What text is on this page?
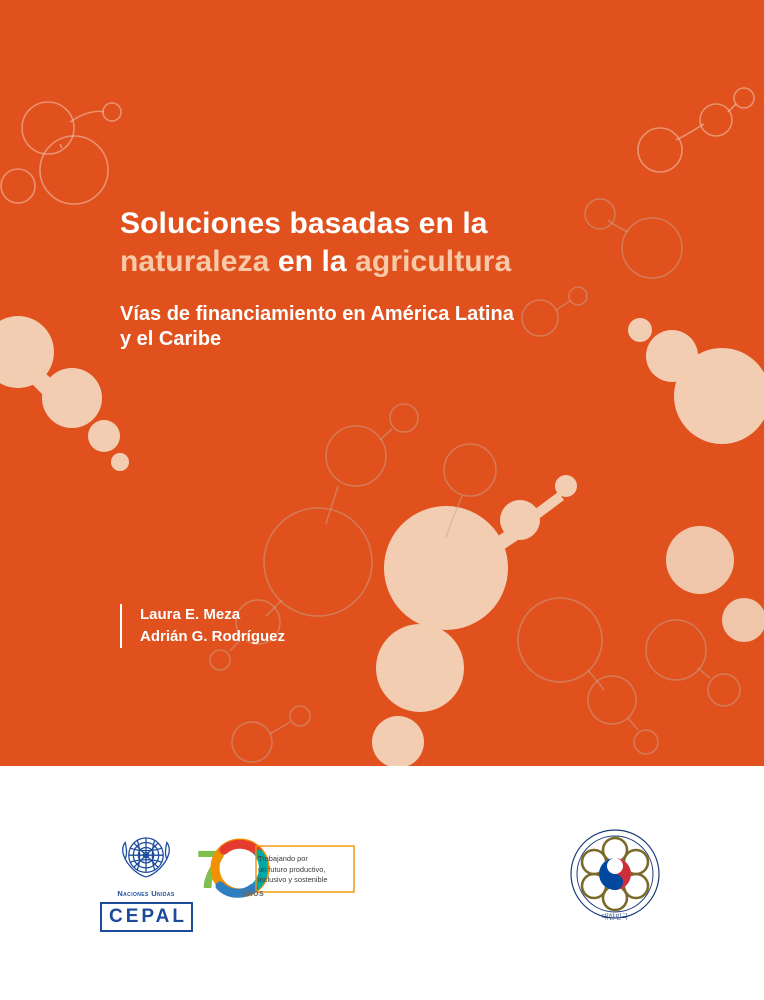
Soluciones basadas en la
naturaleza en la agricultura
Vías de financiamiento en América Latina
y el Caribe
Laura E. Meza
Adrián G. Rodríguez
Naciones Unidas
CEPAL
7 años
Trabajando por
un futuro productivo,
inclusivo y sostenible
대한민국
